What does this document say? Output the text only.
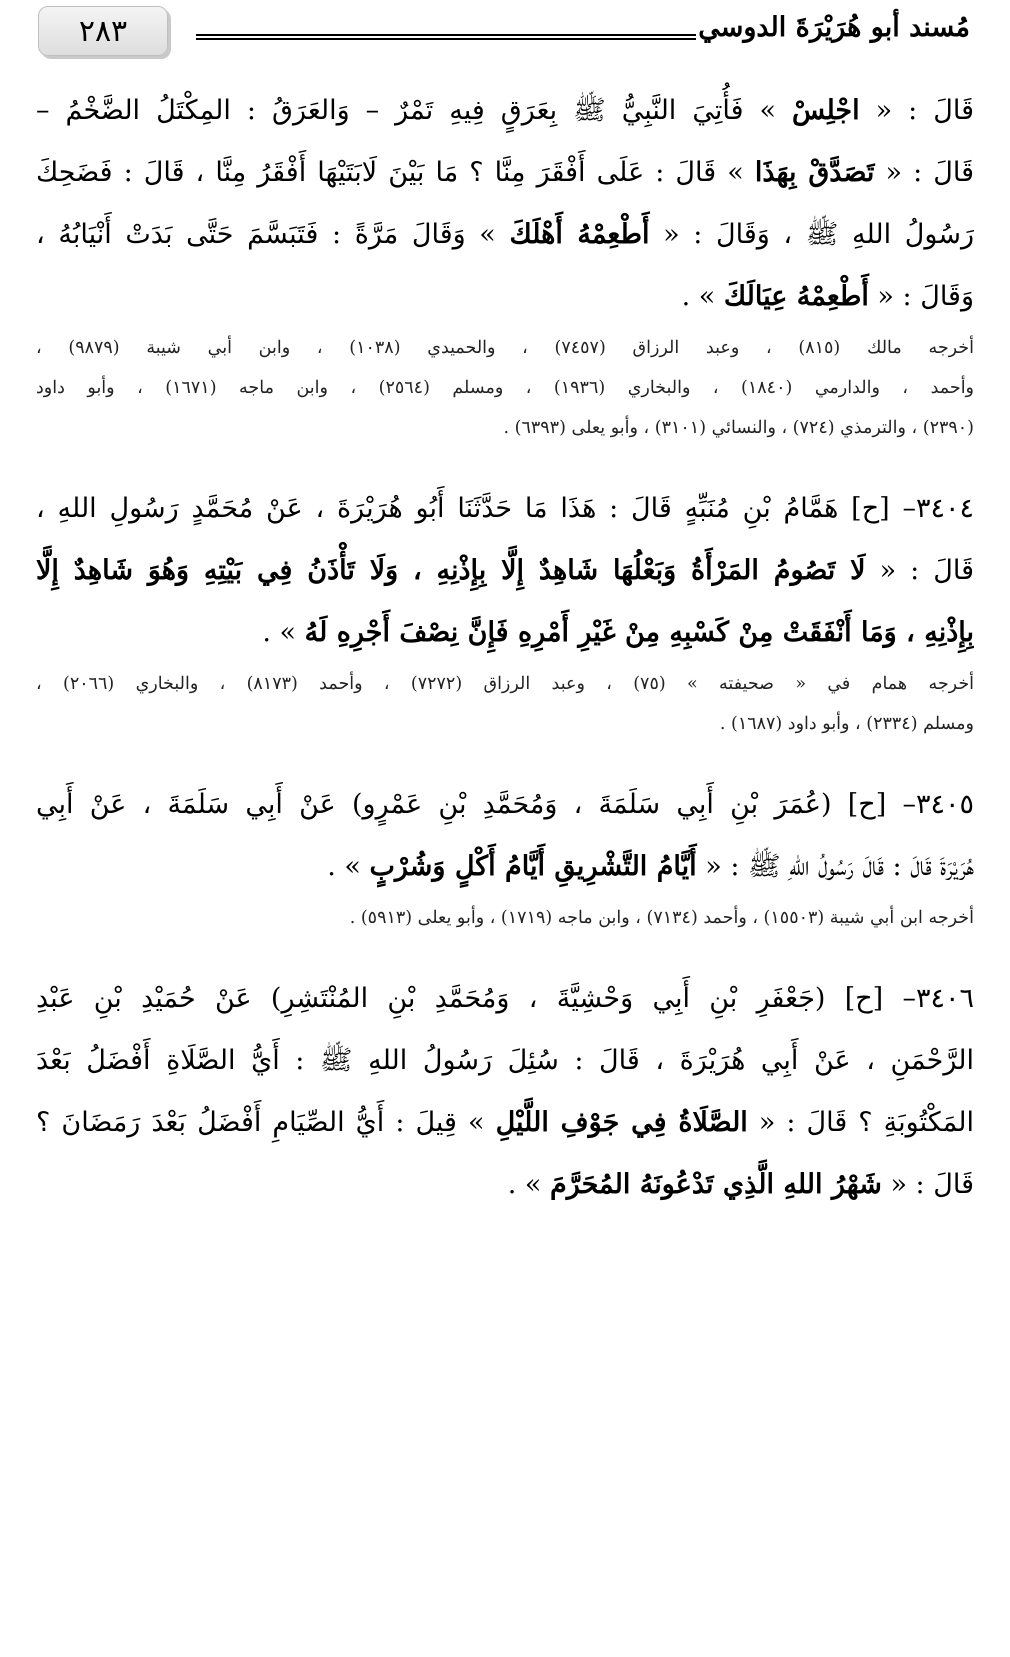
٢٨٣	مُسند أبو هُرَيْرَةَ الدوسي
قَالَ : « اجْلِسْ » فَأُتِيَ النَّبِيُّ ﷺ بِعَرَقٍ فِيهِ تَمْرٌ – وَالعَرَقُ : المِكْتَلُ الضَّخْمُ –
قَالَ : « تَصَدَّقْ بِهَذَا » قَالَ : عَلَى أَفْقَرَ مِنَّا ؟ مَا بَيْنَ لَابَتَيْهَا أَفْقَرُ مِنَّا ، قَالَ : فَضَحِكَ
رَسُولُ اللهِ ﷺ ، وَقَالَ : « أَطْعِمْهُ أَهْلَكَ » وَقَالَ مَرَّةً : فَتَبَسَّمَ حَتَّى بَدَتْ أَنْيَابُهُ ،
وَقَالَ : « أَطْعِمْهُ عِيَالَكَ » .
أخرجه مالك (٨١٥) ، وعبد الرزاق (٧٤٥٧) ، والحميدي (١٠٣٨) ، وابن أبي شيبة (٩٨٧٩) ،
وأحمد ، والدارمي (١٨٤٠) ، والبخاري (١٩٣٦) ، ومسلم (٢٥٦٤) ، وابن ماجه (١٦٧١) ، وأبو داود
(٢٣٩٠) ، والترمذي (٧٢٤) ، والنسائي (٣١٠١) ، وأبو يعلى (٦٣٩٣) .
٣٤٠٤– [ح] هَمَّامُ بْنِ مُنَبِّهٍ قَالَ : هَذَا مَا حَدَّثَنَا أَبُو هُرَيْرَةَ ، عَنْ مُحَمَّدٍ رَسُولِ اللهِ ،
قَالَ : « لَا تَصُومُ المَرْأَةُ وَبَعْلُهَا شَاهِدٌ إِلَّا بِإِذْنِهِ ، وَلَا تَأْذَنُ فِي بَيْتِهِ وَهُوَ شَاهِدٌ إِلَّا
بِإِذْنِهِ ، وَمَا أَنْفَقَتْ مِنْ كَسْبِهِ مِنْ غَيْرِ أَمْرِهِ فَإِنَّ نِصْفَ أَجْرِهِ لَهُ » .
أخرجه همام في « صحيفته » (٧٥) ، وعبد الرزاق (٧٢٧٢) ، وأحمد (٨١٧٣) ، والبخاري (٢٠٦٦) ،
ومسلم (٢٣٣٤) ، وأبو داود (١٦٨٧) .
٣٤٠٥– [ح] (عُمَرَ بْنِ أَبِي سَلَمَةَ ، وَمُحَمَّدِ بْنِ عَمْرٍو) عَنْ أَبِي سَلَمَةَ ، عَنْ أَبِي
هُرَيْرَةَ قَالَ : قَالَ رَسُولُ اللهِ ﷺ : « أَيَّامُ التَّشْرِيقِ أَيَّامُ أَكْلٍ وَشُرْبٍ » .
أخرجه ابن أبي شيبة (١٥٥٠٣) ، وأحمد (٧١٣٤) ، وابن ماجه (١٧١٩) ، وأبو يعلى (٥٩١٣) .
٣٤٠٦– [ح] (جَعْفَرِ بْنِ أَبِي وَحْشِيَّةَ ، وَمُحَمَّدِ بْنِ المُنْتَشِرِ) عَنْ حُمَيْدِ بْنِ عَبْدِ
الرَّحْمَنِ ، عَنْ أَبِي هُرَيْرَةَ ، قَالَ : سُئِلَ رَسُولُ اللهِ ﷺ : أَيُّ الصَّلَاةِ أَفْضَلُ بَعْدَ
المَكْتُوبَةِ ؟ قَالَ : « الصَّلَاةُ فِي جَوْفِ اللَّيْلِ » قِيلَ : أَيُّ الصِّيَامِ أَفْضَلُ بَعْدَ رَمَضَانَ ؟
قَالَ : « شَهْرُ اللهِ الَّذِي تَدْعُونَهُ المُحَرَّمَ » .
